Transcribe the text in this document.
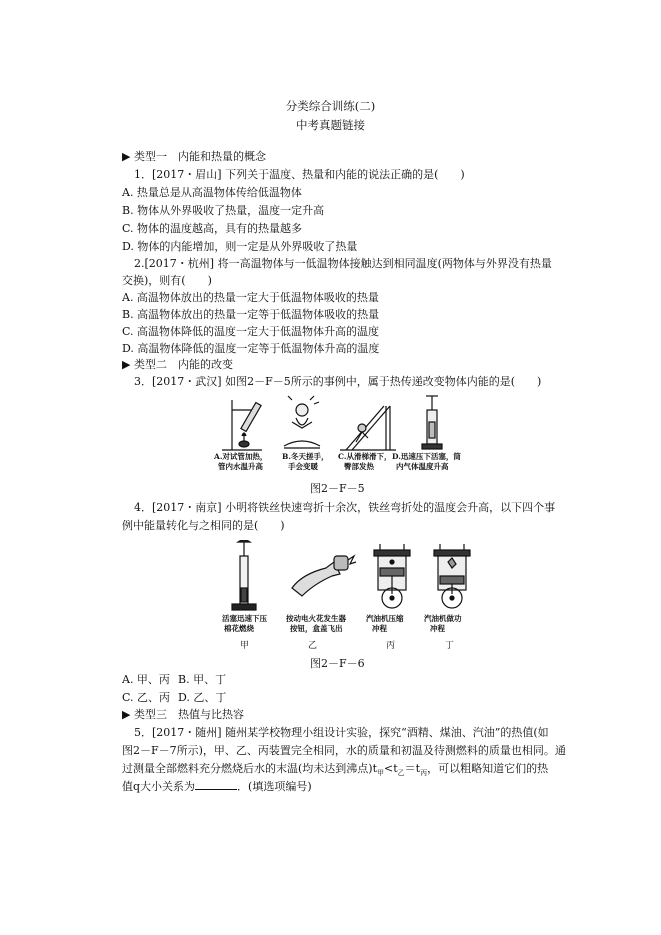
分类综合训练(二)
中考真题链接
▶ 类型一　内能和热量的概念
1．[2017・眉山] 下列关于温度、热量和内能的说法正确的是(　　)
A. 热量总是从高温物体传给低温物体
B. 物体从外界吸收了热量，温度一定升高
C. 物体的温度越高，具有的热量越多
D. 物体的内能增加，则一定是从外界吸收了热量
2.[2017・杭州] 将一高温物体与一低温物体接触达到相同温度(两物体与外界没有热量
交换)，则有(　　)
A. 高温物体放出的热量一定大于低温物体吸收的热量
B. 高温物体放出的热量一定等于低温物体吸收的热量
C. 高温物体降低的温度一定大于低温物体升高的温度
D. 高温物体降低的温度一定等于低温物体升高的温度
▶ 类型二　内能的改变
3．[2017・武汉] 如图2－F－5所示的事例中，属于热传递改变物体内能的是(　　)
A.对试管加热，
管内水温升高
B.冬天搓手，
手会变暖
C.从滑梯滑下，
臀部发热
D.迅速压下活塞，筒
内气体温度升高
图2－F－5
4．[2017・南京] 小明将铁丝快速弯折十余次，铁丝弯折处的温度会升高，以下四个事
例中能量转化与之相同的是(　　)
活塞迅速下压
棉花燃烧
按动电火花发生器
按钮，盒盖飞出
汽油机压缩
冲程
汽油机做功
冲程
甲	乙	丙	丁
图2－F－6
A. 甲、丙 B. 甲、丁
C. 乙、丙 D. 乙、丁
▶ 类型三　热值与比热容
5．[2017・随州] 随州某学校物理小组设计实验，探究“酒精、煤油、汽油”的热值(如
图2－F－7所示)，甲、乙、丙装置完全相同，水的质量和初温及待测燃料的质量也相同。通
过测量全部燃料充分燃烧后水的末温(均未达到沸点)$t_甲<t_乙=t_丙$，可以粗略知道它们的热
值q大小关系为	．(填选项编号)
